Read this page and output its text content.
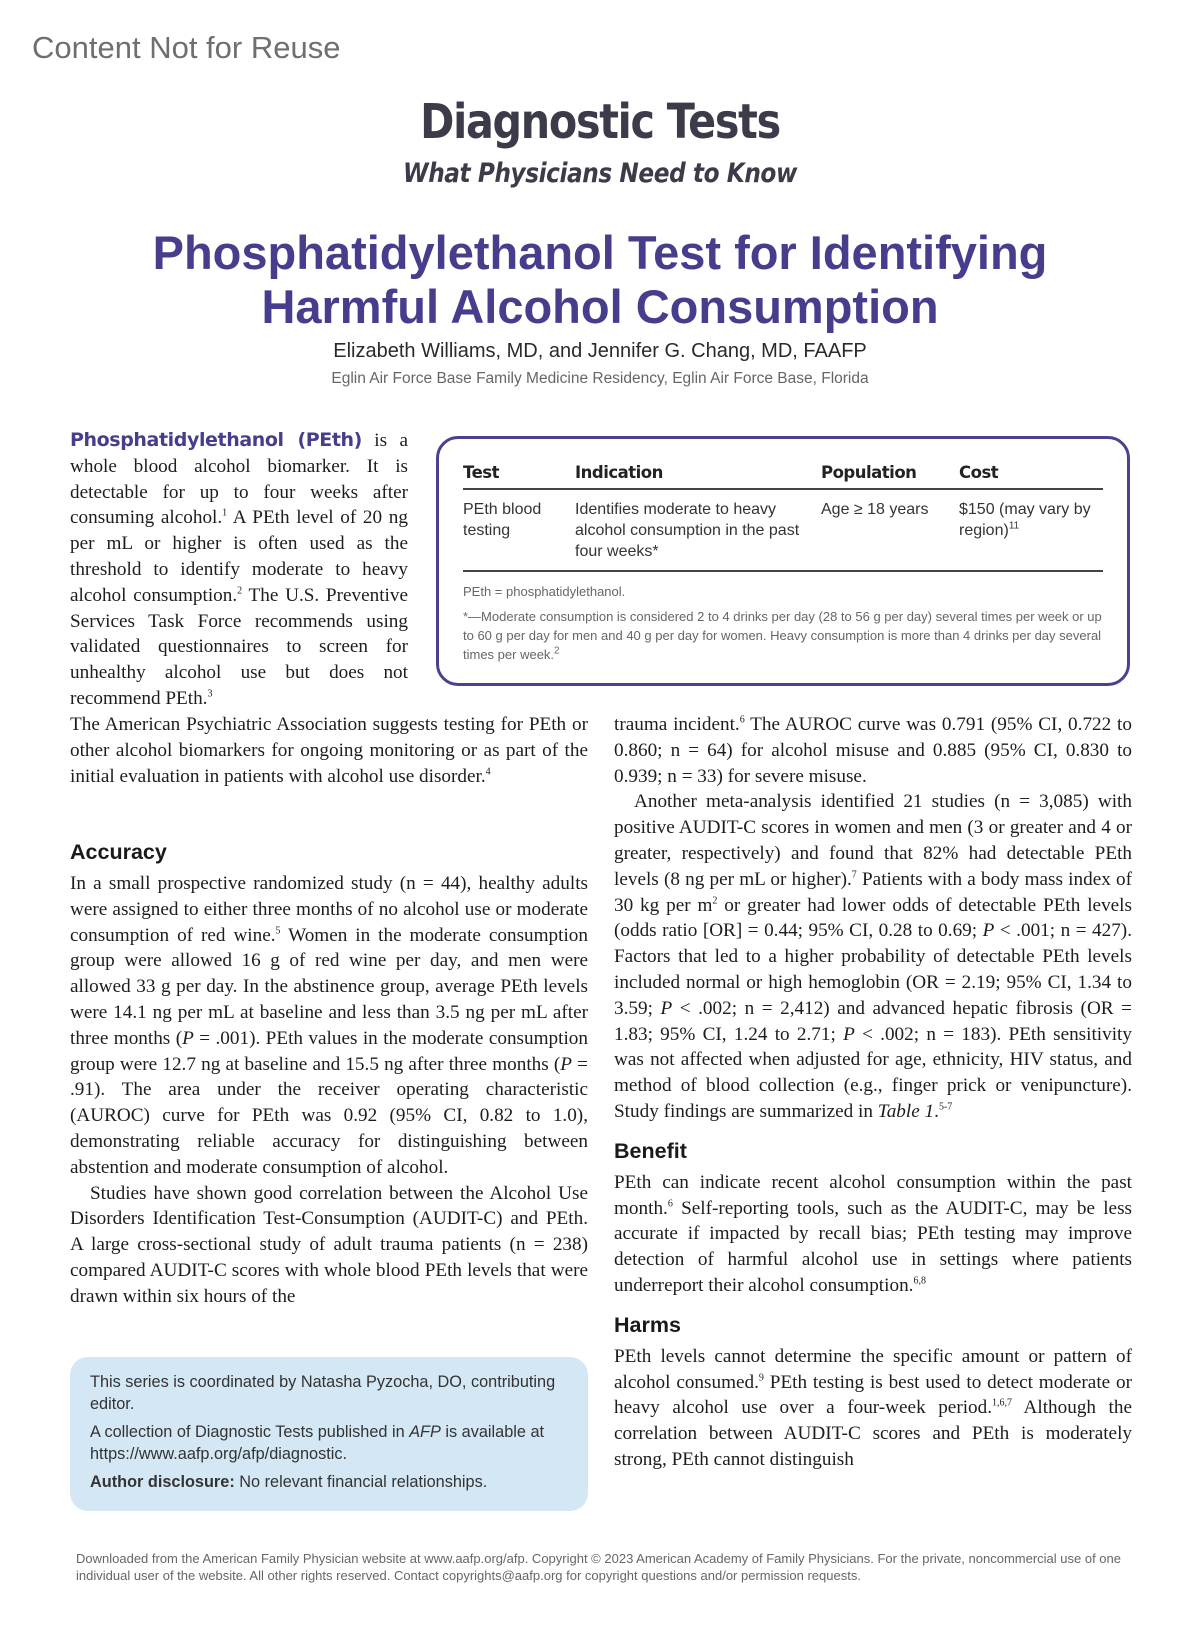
Content Not for Reuse
Diagnostic Tests
What Physicians Need to Know
Phosphatidylethanol Test for Identifying
Harmful Alcohol Consumption
Elizabeth Williams, MD, and Jennifer G. Chang, MD, FAAFP
Eglin Air Force Base Family Medicine Residency, Eglin Air Force Base, Florida

Phosphatidylethanol (PEth) is a whole blood alcohol biomarker. It is detectable for up to four weeks after consuming alcohol.$^1$ A PEth level of 20 ng per mL or higher is often used as the threshold to identify moderate to heavy alcohol consumption.$^2$ The U.S. Preventive Services Task Force recommends using validated questionnaires to screen for unhealthy alcohol use but does not recommend PEth.$^3$

The American Psychiatric Association suggests testing for PEth or other alcohol biomarkers for ongoing monitoring or as part of the initial evaluation in patients with alcohol use disorder.$^4$

Test	Indication	Population	Cost
PEth blood testing	Identifies moderate to heavy alcohol consumption in the past four weeks*	Age ≥ 18 years	$150 (may vary by region)$^{11}$

PEth = phosphatidylethanol.

*—Moderate consumption is considered 2 to 4 drinks per day (28 to 56 g per day) several times per week or up to 60 g per day for men and 40 g per day for women. Heavy consumption is more than 4 drinks per day several times per week.$^2$

Accuracy

In a small prospective randomized study (n = 44), healthy adults were assigned to either three months of no alcohol use or moderate consumption of red wine.$^5$ Women in the moderate consumption group were allowed 16 g of red wine per day, and men were allowed 33 g per day. In the abstinence group, average PEth levels were 14.1 ng per mL at baseline and less than 3.5 ng per mL after three months (P = .001). PEth values in the moderate consumption group were 12.7 ng at baseline and 15.5 ng after three months (P = .91). The area under the receiver operating characteristic (AUROC) curve for PEth was 0.92 (95% CI, 0.82 to 1.0), demonstrating reliable accuracy for distinguishing between abstention and moderate consumption of alcohol.

Studies have shown good correlation between the Alcohol Use Disorders Identification Test-Consumption (AUDIT-C) and PEth. A large cross-sectional study of adult trauma patients (n = 238) compared AUDIT-C scores with whole blood PEth levels that were drawn within six hours of the

trauma incident.$^6$ The AUROC curve was 0.791 (95% CI, 0.722 to 0.860; n = 64) for alcohol misuse and 0.885 (95% CI, 0.830 to 0.939; n = 33) for severe misuse.

Another meta-analysis identified 21 studies (n = 3,085) with positive AUDIT-C scores in women and men (3 or greater and 4 or greater, respectively) and found that 82% had detectable PEth levels (8 ng per mL or higher).$^7$ Patients with a body mass index of 30 kg per $m^2$ or greater had lower odds of detectable PEth levels (odds ratio [OR] = 0.44; 95% CI, 0.28 to 0.69; P < .001; n = 427). Factors that led to a higher probability of detectable PEth levels included normal or high hemoglobin (OR = 2.19; 95% CI, 1.34 to 3.59; P < .002; n = 2,412) and advanced hepatic fibrosis (OR = 1.83; 95% CI, 1.24 to 2.71; P < .002; n = 183). PEth sensitivity was not affected when adjusted for age, ethnicity, HIV status, and method of blood collection (e.g., finger prick or venipuncture). Study findings are summarized in Table 1.$^{5-7}$

Benefit

PEth can indicate recent alcohol consumption within the past month.$^6$ Self-reporting tools, such as the AUDIT-C, may be less accurate if impacted by recall bias; PEth testing may improve detection of harmful alcohol use in settings where patients underreport their alcohol consumption.$^{6,8}$

Harms

PEth levels cannot determine the specific amount or pattern of alcohol consumed.$^9$ PEth testing is best used to detect moderate or heavy alcohol use over a four-week period.$^{1,6,7}$ Although the correlation between AUDIT-C scores and PEth is moderately strong, PEth cannot distinguish

This series is coordinated by Natasha Pyzocha, DO, contributing editor.

A collection of Diagnostic Tests published in AFP is available at https://www.aafp.org/afp/diagnostic.

Author disclosure: No relevant financial relationships.

Downloaded from the American Family Physician website at www.aafp.org/afp. Copyright © 2023 American Academy of Family Physicians. For the private, noncommercial use of one individual user of the website. All other rights reserved. Contact copyrights@aafp.org for copyright questions and/or permission requests.
